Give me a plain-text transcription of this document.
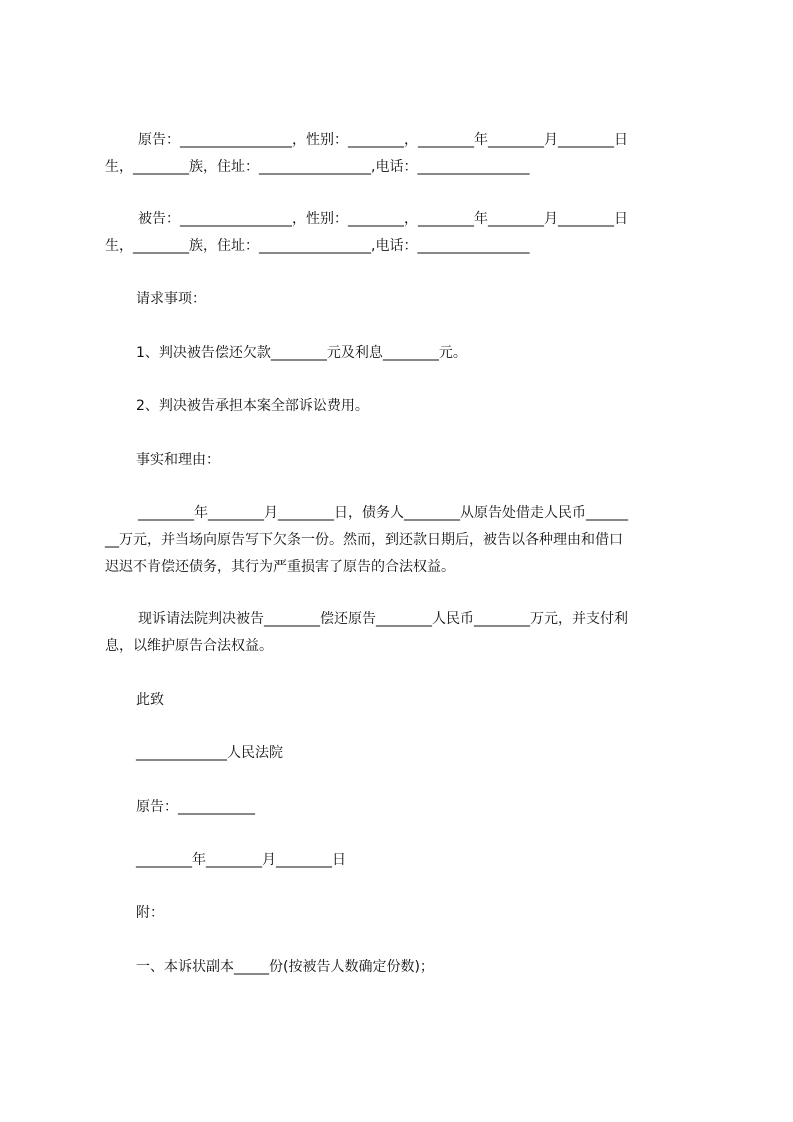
原告：________________，性别：________，________年________月________日
生，________族，住址：________________,电话：________________
被告：________________，性别：________，________年________月________日
生，________族，住址：________________,电话：________________
请求事项：
1、判决被告偿还欠款________元及利息________元。
2、判决被告承担本案全部诉讼费用。
事实和理由：
________年________月________日，债务人________从原告处借走人民币______
__万元，并当场向原告写下欠条一份。然而，到还款日期后，被告以各种理由和借口
迟迟不肯偿还债务，其行为严重损害了原告的合法权益。
现诉请法院判决被告________偿还原告________人民币________万元，并支付利
息，以维护原告合法权益。
此致
_____________人民法院
原告：___________
________年________月________日
附：
一、本诉状副本_____份(按被告人数确定份数)；
